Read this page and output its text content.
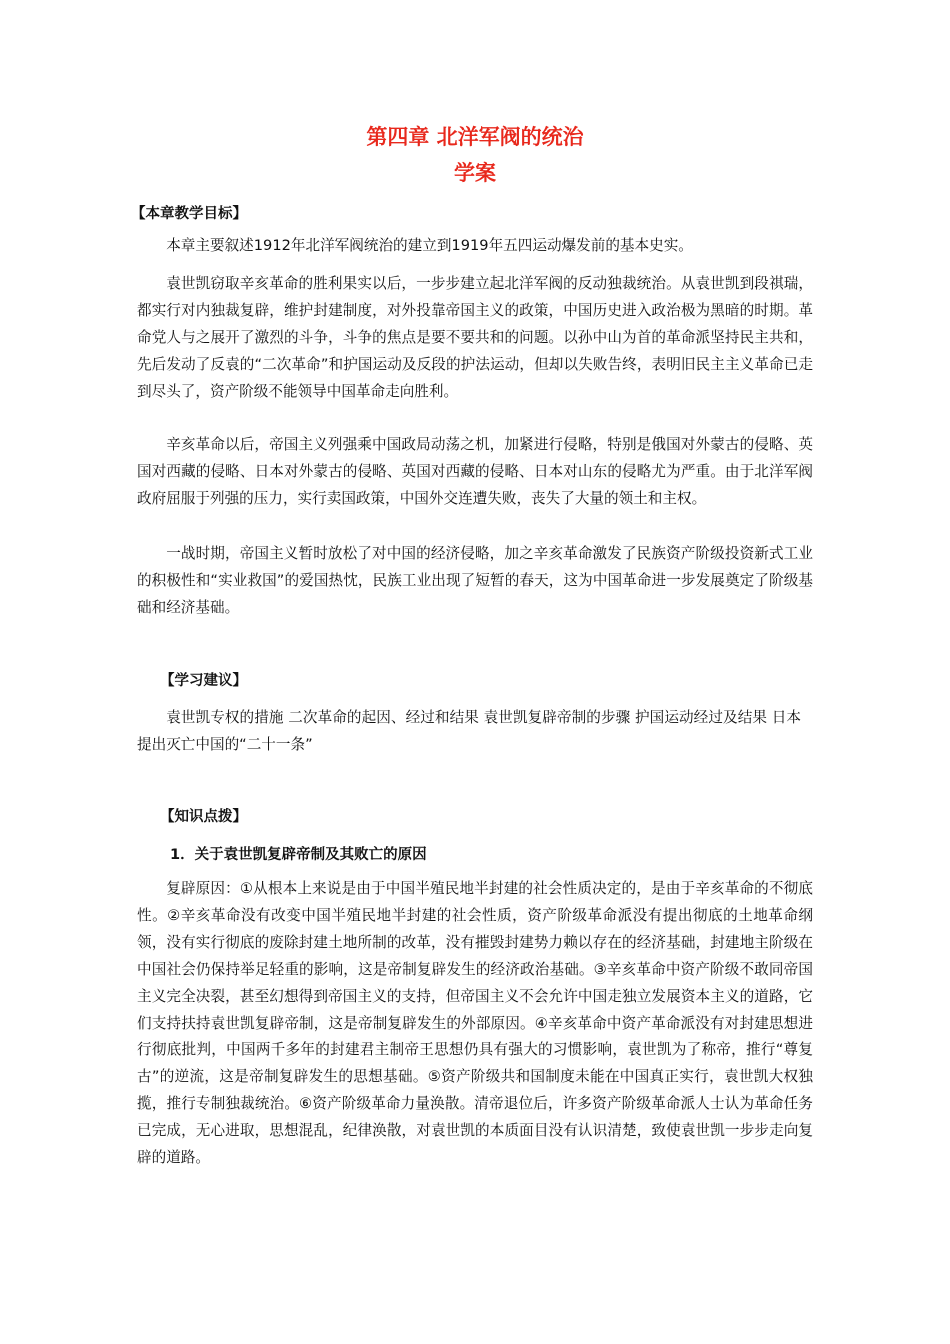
第四章 北洋军阀的统治
学案
【本章教学目标】

本章主要叙述1912年北洋军阀统治的建立到1919年五四运动爆发前的基本史实。

袁世凯窃取辛亥革命的胜利果实以后，一步步建立起北洋军阀的反动独裁统治。从袁世凯到段祺瑞，都实行对内独裁复辟，维护封建制度，对外投靠帝国主义的政策，中国历史进入政治极为黑暗的时期。革命党人与之展开了激烈的斗争，斗争的焦点是要不要共和的问题。以孙中山为首的革命派坚持民主共和，先后发动了反袁的“二次革命”和护国运动及反段的护法运动，但却以失败告终，表明旧民主主义革命已走到尽头了，资产阶级不能领导中国革命走向胜利。

辛亥革命以后，帝国主义列强乘中国政局动荡之机，加紧进行侵略，特别是俄国对外蒙古的侵略、英国对西藏的侵略、日本对外蒙古的侵略、英国对西藏的侵略、日本对山东的侵略尤为严重。由于北洋军阀政府屈服于列强的压力，实行卖国政策，中国外交连遭失败，丧失了大量的领土和主权。

一战时期，帝国主义暂时放松了对中国的经济侵略，加之辛亥革命激发了民族资产阶级投资新式工业的积极性和“实业救国”的爱国热忱，民族工业出现了短暂的春天，这为中国革命进一步发展奠定了阶级基础和经济基础。

【学习建议】

袁世凯专权的措施 二次革命的起因、经过和结果 袁世凯复辟帝制的步骤 护国运动经过及结果 日本提出灭亡中国的“二十一条”

【知识点拨】
1．关于袁世凯复辟帝制及其败亡的原因

复辟原因：①从根本上来说是由于中国半殖民地半封建的社会性质决定的，是由于辛亥革命的不彻底性。②辛亥革命没有改变中国半殖民地半封建的社会性质，资产阶级革命派没有提出彻底的土地革命纲领，没有实行彻底的废除封建土地所制的改革，没有摧毁封建势力赖以存在的经济基础，封建地主阶级在中国社会仍保持举足轻重的影响，这是帝制复辟发生的经济政治基础。③辛亥革命中资产阶级不敢同帝国主义完全决裂，甚至幻想得到帝国主义的支持，但帝国主义不会允许中国走独立发展资本主义的道路，它们支持扶持袁世凯复辟帝制，这是帝制复辟发生的外部原因。④辛亥革命中资产革命派没有对封建思想进行彻底批判，中国两千多年的封建君主制帝王思想仍具有强大的习惯影响，袁世凯为了称帝，推行“尊复古”的逆流，这是帝制复辟发生的思想基础。⑤资产阶级共和国制度未能在中国真正实行，袁世凯大权独揽，推行专制独裁统治。⑥资产阶级革命力量涣散。清帝退位后，许多资产阶级革命派人士认为革命任务已完成，无心进取，思想混乱，纪律涣散，对袁世凯的本质面目没有认识清楚，致使袁世凯一步步走向复辟的道路。
